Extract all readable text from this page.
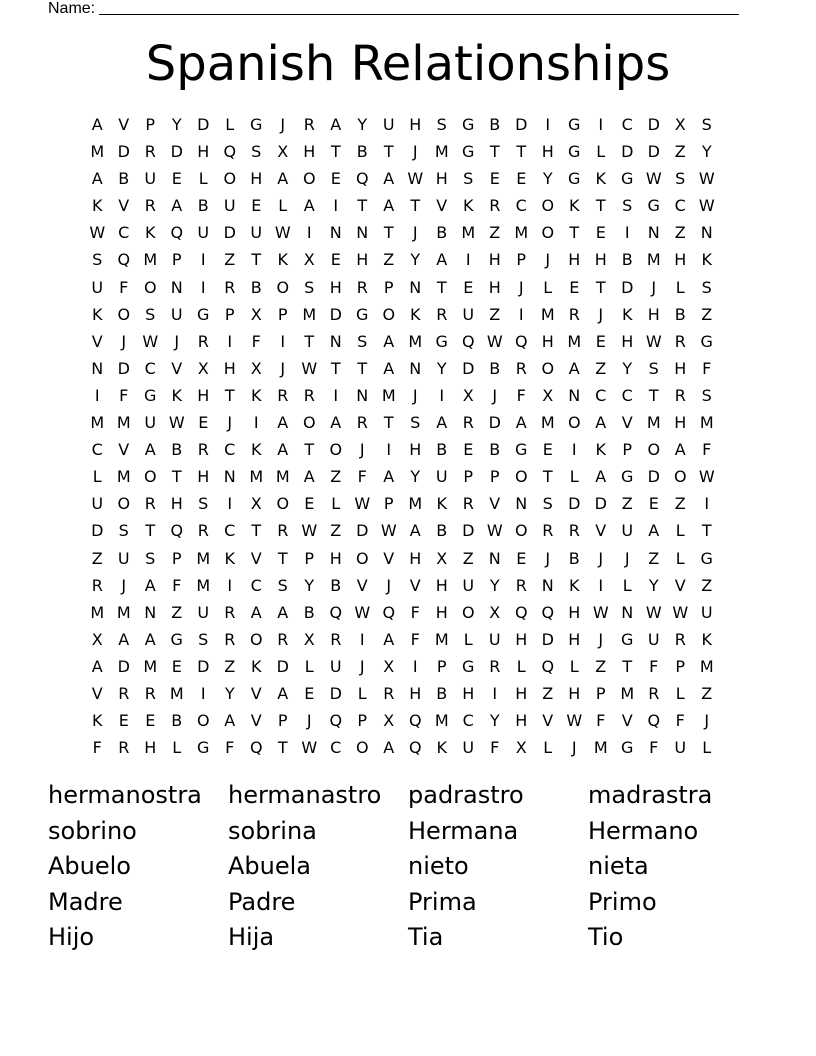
Name:
Spanish Relationships
A V	P	Y D L G	J	R A	Y U H S G B D	I	G	I	C D X S
M D R D H Q S X H T	B	T	J	M G T	T H G L D D Z	Y
A B U E	L O H A O E Q A W H S	E	E	Y G K G W S W
K V R A B U E	L	A	I	T	A	T	V K R C O K	T	S G C W
W C K Q U D U W	I	N N T	J	B M Z M O T	E	I	N Z N
S Q M P	I	Z	T	K X E H Z	Y	A	I	H P	J	H H B M H K
U	F O N	I	R B O S H R	P N T	E H	J	L	E	T D	J	L	S
K O S U G P	X	P M D G O K R U Z	I	M R	J	K H B Z
V	J	W	J	R	I	F	I	T N S A M G Q W Q H M E H W R G
N D C V X H X	J	W T	T	A N Y D B R O A Z	Y	S H F
I	F G K H T	K R R	I	N M	J	I	X	J	F	X N C C	T	R S
M M U W E	J	I	A O A R	T	S A R D A M O A V M H M
C V A B R C K A	T O	J	I	H B E B G E	I	K	P O A	F
L M O T H N M M A Z	F	A	Y U P	P O T	L	A G D O W
U O R H S	I	X O E	L W P M K R V N S D D Z E Z	I
D S	T Q R C	T	R W Z D W A B D W O R R V U A	L	T
Z U S	P M K V	T	P H O V H X Z N E	J	B	J	J	Z	L G
R	J	A	F M	I	C S	Y	B V	J	V H U Y	R N K	I	L	Y	V Z
M M N Z U R A A B Q W Q F H O X Q Q H W N W W U
X A A G S R O R X R	I	A	F M L	U H D H	J	G U R K
A D M E D Z K D L	U	J	X	I	P G R	L Q L	Z	T	F	P M
V R R M	I	Y	V A E D L	R H B H	I	H Z H P M R	L	Z
K	E	E B O A V	P	J	Q P	X Q M C	Y H V W F	V Q F	J
F	R H	L G F Q T W C O A Q K U	F	X	L	J	M G F	U	L
hermanostra	hermanastro	padrastro	madrastra
sobrino	sobrina	Hermana	Hermano
Abuelo	Abuela	nieto	nieta
Madre	Padre	Prima	Primo
Hijo	Hija	Tia	Tio
